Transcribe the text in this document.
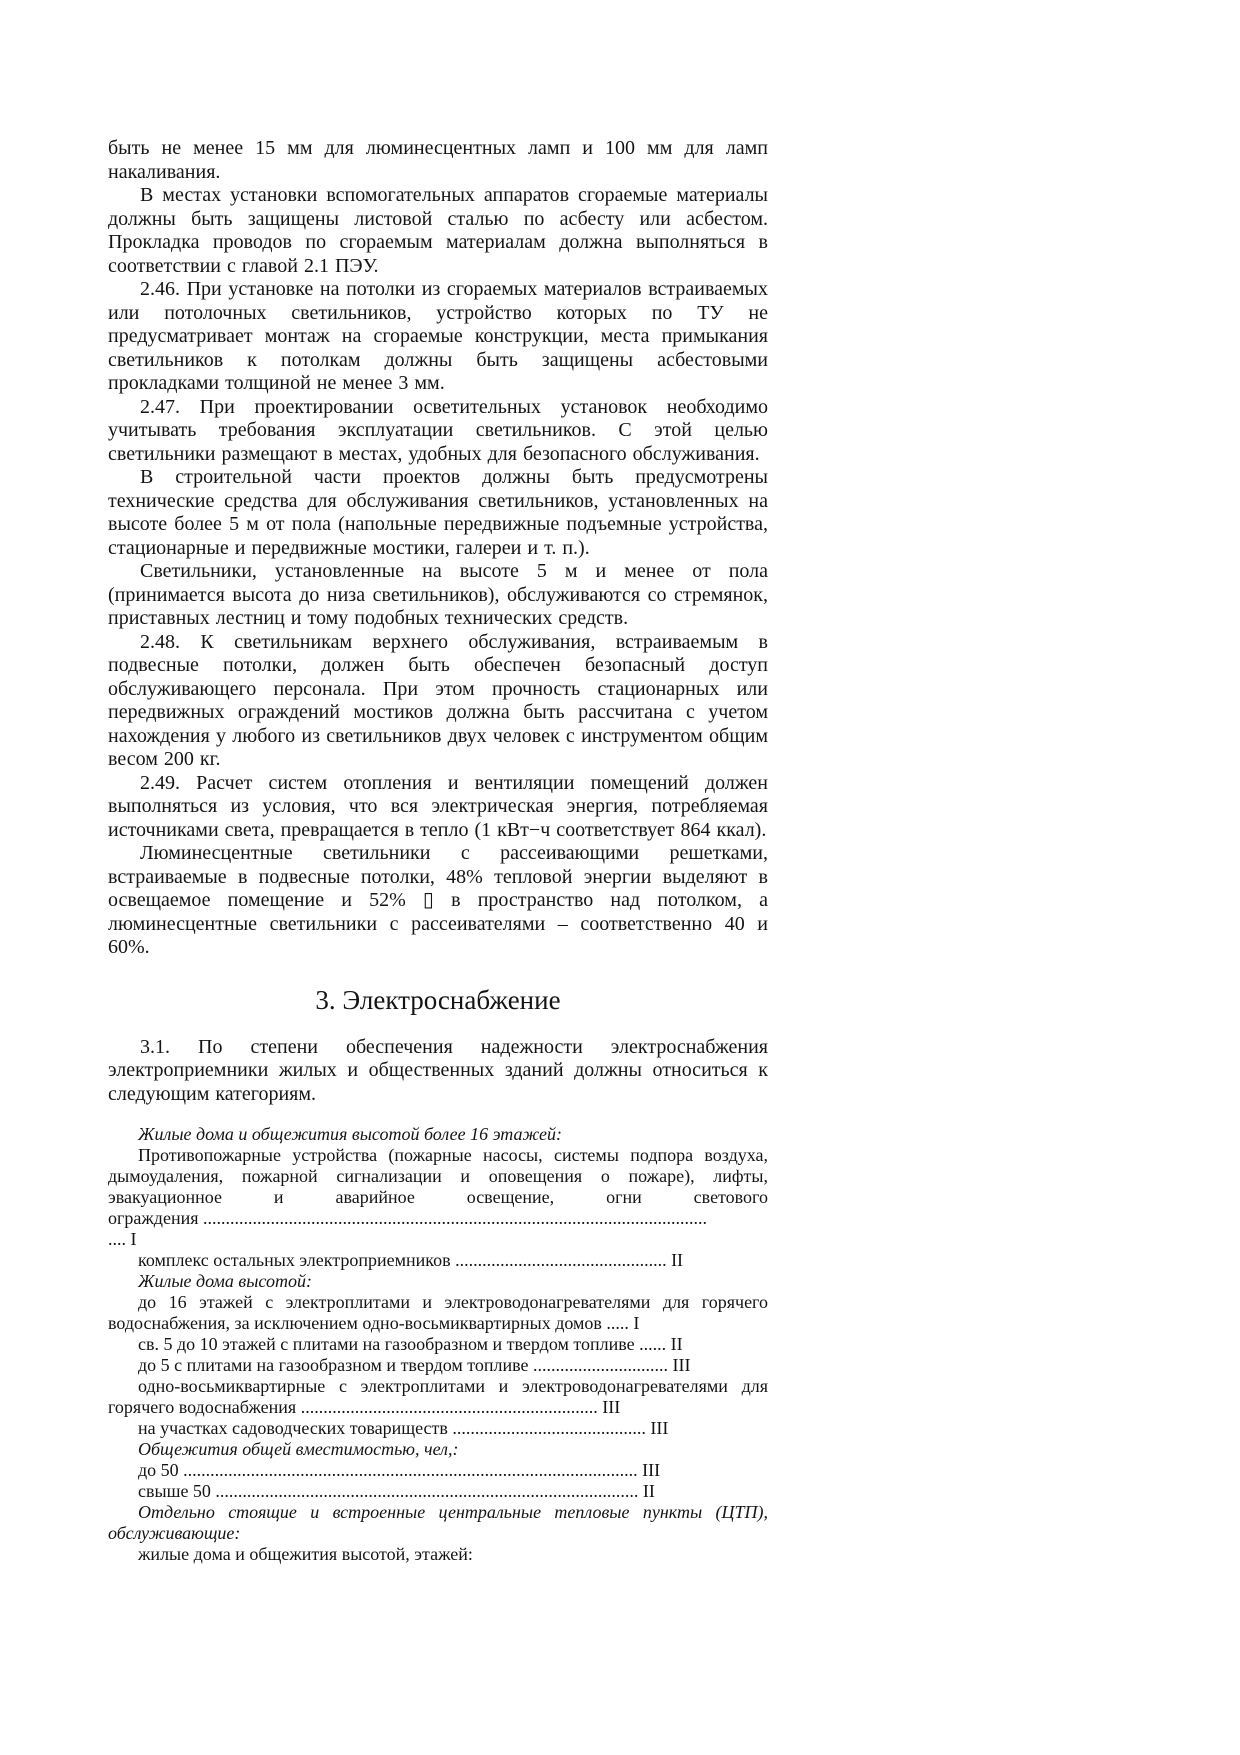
быть не менее 15 мм для люминесцентных ламп и 100 мм для ламп накаливания.

В местах установки вспомогательных аппаратов сгораемые материалы должны быть защищены листовой сталью по асбесту или асбестом. Прокладка проводов по сгораемым материалам должна выполняться в соответствии с главой 2.1 ПЭУ.

2.46. При установке на потолки из сгораемых материалов встраиваемых или потолочных светильников, устройство которых по ТУ не предусматривает монтаж на сгораемые конструкции, места примыкания светильников к потолкам должны быть защищены асбестовыми прокладками толщиной не менее 3 мм.

2.47. При проектировании осветительных установок необходимо учитывать требования эксплуатации светильников. С этой целью светильники размещают в местах, удобных для безопасного обслуживания.

В строительной части проектов должны быть предусмотрены технические средства для обслуживания светильников, установленных на высоте более 5 м от пола (напольные передвижные подъемные устройства, стационарные и передвижные мостики, галереи и т. п.).

Светильники, установленные на высоте 5 м и менее от пола (принимается высота до низа светильников), обслуживаются со стремянок, приставных лестниц и тому подобных технических средств.

2.48. К светильникам верхнего обслуживания, встраиваемым в подвесные потолки, должен быть обеспечен безопасный доступ обслуживающего персонала. При этом прочность стационарных или передвижных ограждений мостиков должна быть рассчитана с учетом нахождения у любого из светильников двух человек с инструментом общим весом 200 кг.

2.49. Расчет систем отопления и вентиляции помещений должен выполняться из условия, что вся электрическая энергия, потребляемая источниками света, превращается в тепло (1 кВт−ч соответствует 864 ккал).

Люминесцентные светильники с рассеивающими решетками, встраиваемые в подвесные потолки, 48% тепловой энергии выделяют в освещаемое помещение и 52% ▯ в пространство над потолком, а люминесцентные светильники с рассеивателями – соответственно 40 и 60%.

3. Электроснабжение

3.1. По степени обеспечения надежности электроснабжения электроприемники жилых и общественных зданий должны относиться к следующим категориям.

Жилые дома и общежития высотой более 16 этажей:
Противопожарные устройства (пожарные насосы, системы подпора воздуха,
дымоудаления, пожарной сигнализации и оповещения о пожаре), лифты,
эвакуационное и аварийное освещение, огни светового
ограждения ................................................................................................................
.... I
комплекс остальных электроприемников ............................................... II
Жилые дома высотой:
до 16 этажей с электроплитами и электроводонагревателями для горячего
водоснабжения, за исключением одно-восьмиквартирных домов ..... I
св. 5 до 10 этажей с плитами на газообразном и твердом топливе ...... II
до 5 с плитами на газообразном и твердом топливе .............................. III
одно-восьмиквартирные с электроплитами и электроводонагревателями для
горячего водоснабжения .................................................................. III
на участках садоводческих товариществ ........................................... III
Общежития общей вместимостью, чел,:
до 50 ..................................................................................................... III
свыше 50 .............................................................................................. II
Отдельно стоящие и встроенные центральные тепловые пункты (ЦТП),
обслуживающие:
жилые дома и общежития высотой, этажей:
